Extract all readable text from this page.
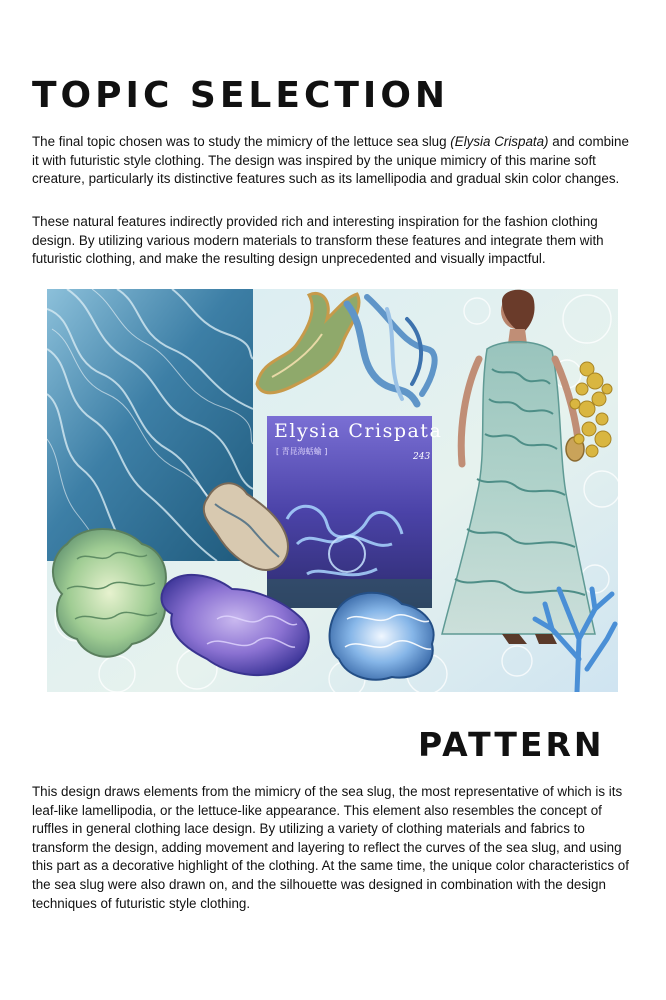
TOPIC SELECTION

The final topic chosen was to study the mimicry of the lettuce sea slug (Elysia Crispata) and combine it with futuristic style clothing. The design was inspired by the unique mimicry of this marine soft creature, particularly its distinctive features such as its lamellipodia and gradual skin color changes.

These natural features indirectly provided rich and interesting inspiration for the fashion clothing design. By utilizing various modern materials to transform these features and integrate them with futuristic clothing, and make the resulting design unprecedented and visually impactful.

Elysia Crispata
[ 青昆海蛞蝓 ]
243
PATTERN

This design draws elements from the mimicry of the sea slug, the most representative of which is its leaf-like lamellipodia, or the lettuce-like appearance. This element also resembles the concept of ruffles in general clothing lace design. By utilizing a variety of clothing materials and fabrics to transform the design, adding movement and layering to reflect the curves of the sea slug, and using this part as a decorative highlight of the clothing. At the same time, the unique color characteristics of the sea slug were also drawn on, and the silhouette was designed in combination with the design techniques of futuristic style clothing.
